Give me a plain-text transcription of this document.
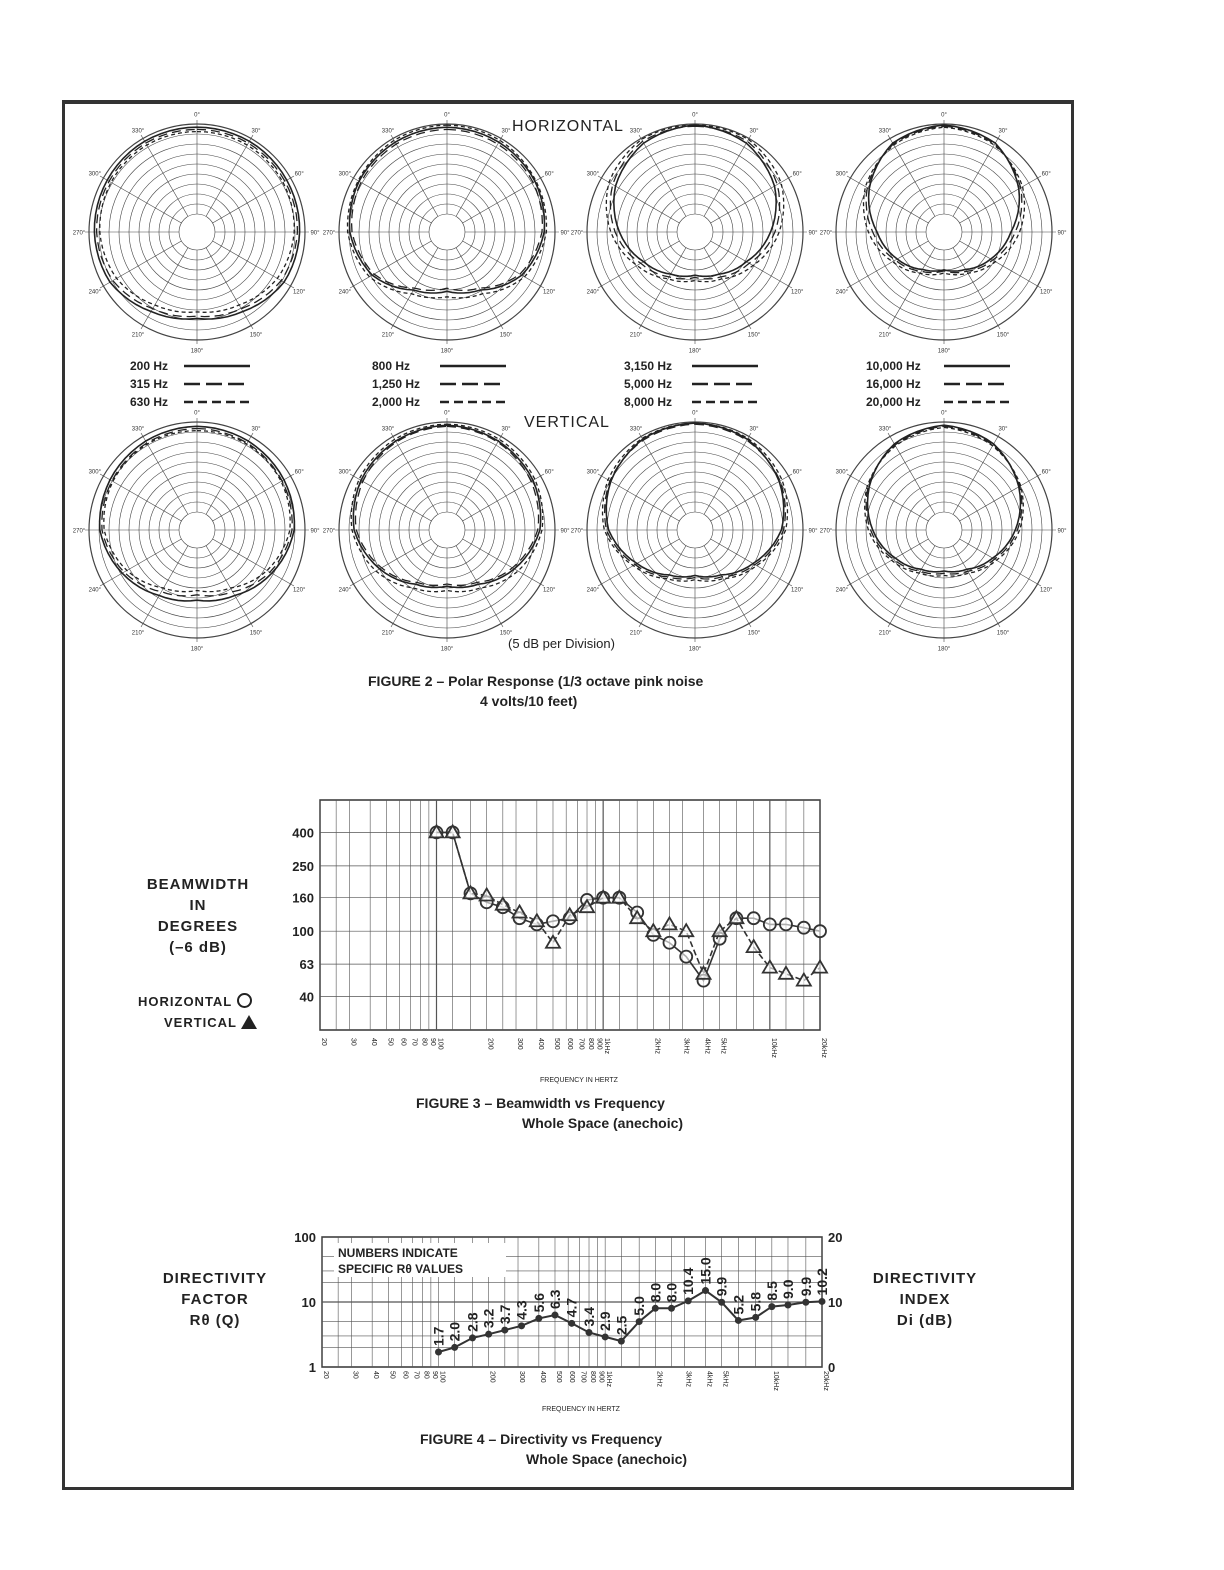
0°
30°
60°
90°
120°
150°
180°
210°
240°
270°
300°
330°
0°
30°
60°
90°
120°
150°
180°
210°
240°
270°
300°
330°
0°
30°
60°
90°
120°
150°
180°
210°
240°
270°
300°
330°
0°
30°
60°
90°
120°
150°
180°
210°
240°
270°
300°
330°
0°
30°
60°
90°
120°
150°
180°
210°
240°
270°
300°
330°
0°
30°
60°
90°
120°
150°
180°
210°
240°
270°
300°
330°
0°
30°
60°
90°
120°
150°
180°
210°
240°
270°
300°
330°
0°
30°
60°
90°
120°
150°
180°
210°
240°
270°
300°
330°
HORIZONTAL
VERTICAL
(5 dB per Division)
200 Hz
315 Hz
630 Hz
800 Hz
1,250 Hz
2,000 Hz
3,150 Hz
5,000 Hz
8,000 Hz
10,000 Hz
16,000 Hz
20,000 Hz
FIGURE 2 – Polar Response (1/3 octave pink noise
4 volts/10 feet)
BEAMWIDTH
IN
DEGREES
(–6 dB)
HORIZONTAL
VERTICAL
40
63
100
160
250
400
20	30 40 50 60 70 80 90 100	200	300 400 500 600 700 800 900 1kHz	2kHz	3kHz 4kHz 5kHz	10kHz	20kHz
FREQUENCY IN HERTZ
FIGURE 3 – Beamwidth vs Frequency
Whole Space (anechoic)
DIRECTIVITY
FACTOR
Rθ (Q)
DIRECTIVITY
INDEX
Di (dB)
1
10
100
0
10
20
20	30 40 50 60 70 80 90 100	200	300 400 500 600 700 800 900 1kHz	2kHz	3kHz 4kHz 5kHz	10kHz	20kHz
FREQUENCY IN HERTZ
NUMBERS INDICATE
SPECIFIC Rθ VALUES
1.7 2.0 2.8 3.2 3.7 4.3 5.6 6.3 4.7 3.4 2.9 2.5
5.0
8.0 8.0 10.4 15.0
9.9
5.2 5.8
8.5 9.0 9.9 10.2
FIGURE 4 – Directivity vs Frequency
Whole Space (anechoic)
